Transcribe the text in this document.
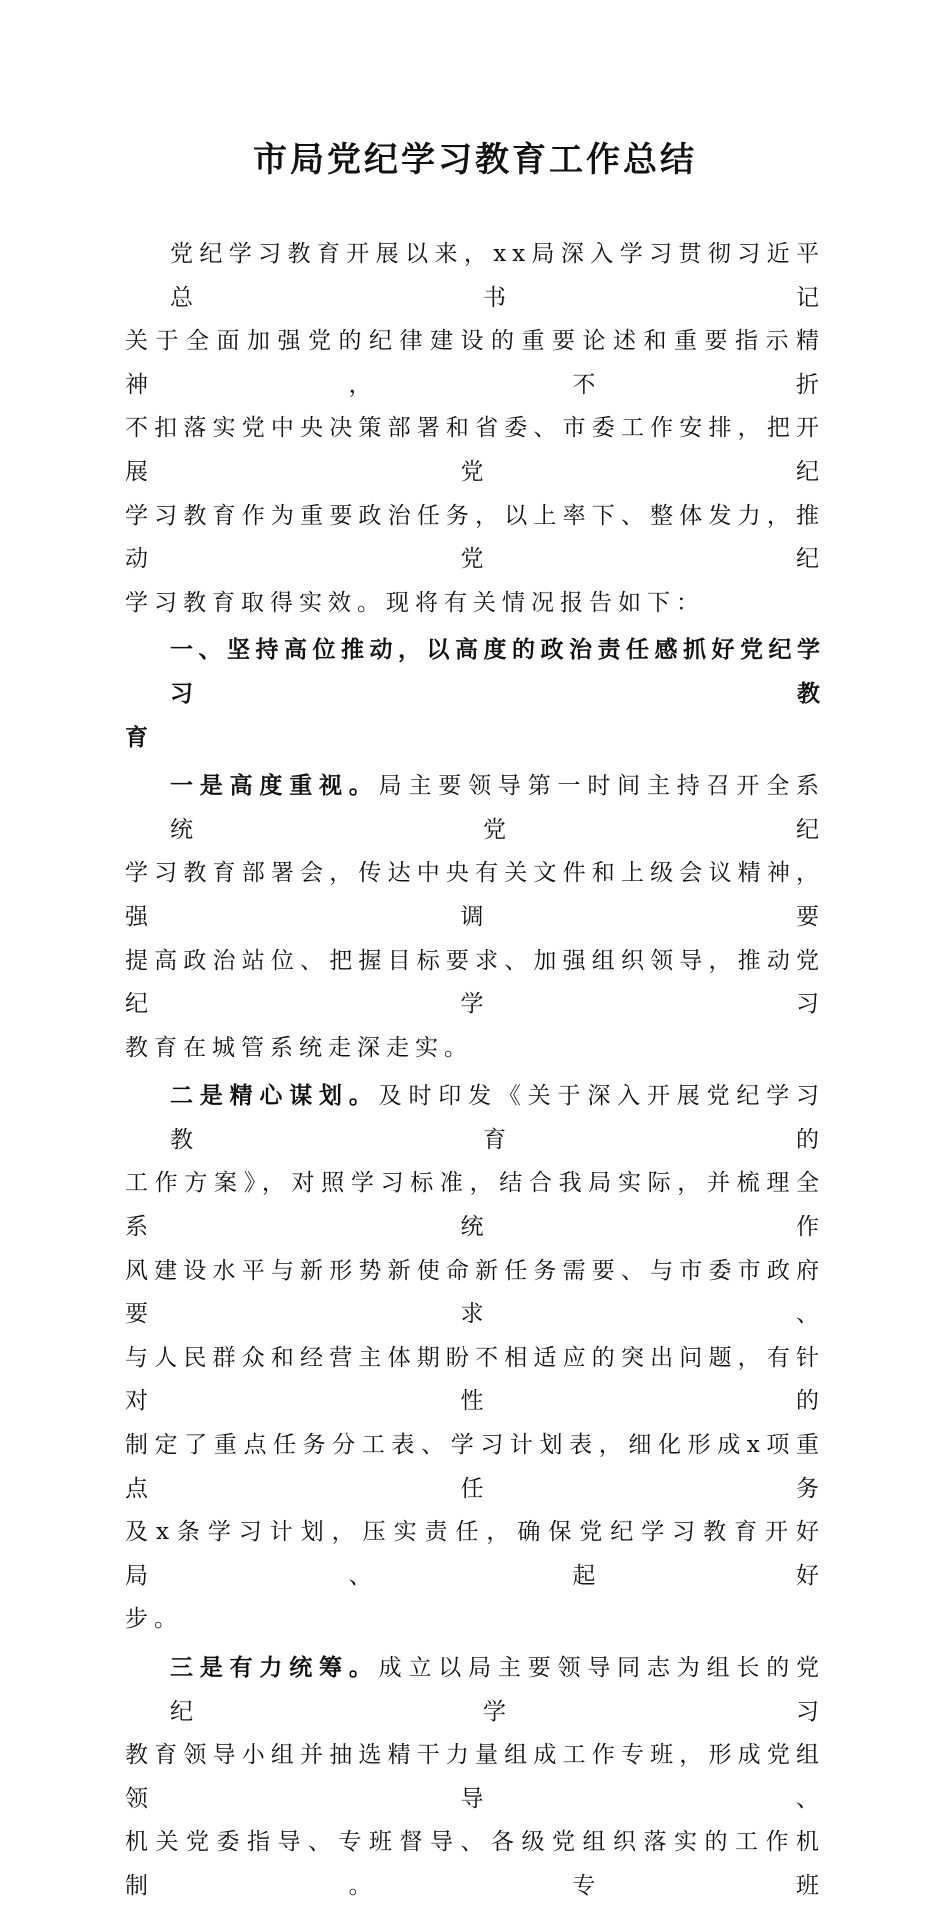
市局党纪学习教育工作总结
党纪学习教育开展以来，xx局深入学习贯彻习近平总书记
关于全面加强党的纪律建设的重要论述和重要指示精神，不折
不扣落实党中央决策部署和省委、市委工作安排，把开展党纪
学习教育作为重要政治任务，以上率下、整体发力，推动党纪
学习教育取得实效。现将有关情况报告如下：
一、坚持高位推动，以高度的政治责任感抓好党纪学习教
育
一是高度重视。局主要领导第一时间主持召开全系统党纪
学习教育部署会，传达中央有关文件和上级会议精神，强调要
提高政治站位、把握目标要求、加强组织领导，推动党纪学习
教育在城管系统走深走实。
二是精心谋划。及时印发《关于深入开展党纪学习教育的
工作方案》，对照学习标准，结合我局实际，并梳理全系统作
风建设水平与新形势新使命新任务需要、与市委市政府要求、
与人民群众和经营主体期盼不相适应的突出问题，有针对性的
制定了重点任务分工表、学习计划表，细化形成x项重点任务
及x条学习计划，压实责任，确保党纪学习教育开好局、起好
步。
三是有力统筹。成立以局主要领导同志为组长的党纪学习
教育领导小组并抽选精干力量组成工作专班，形成党组领导、
机关党委指导、专班督导、各级党组织落实的工作机制。专班
